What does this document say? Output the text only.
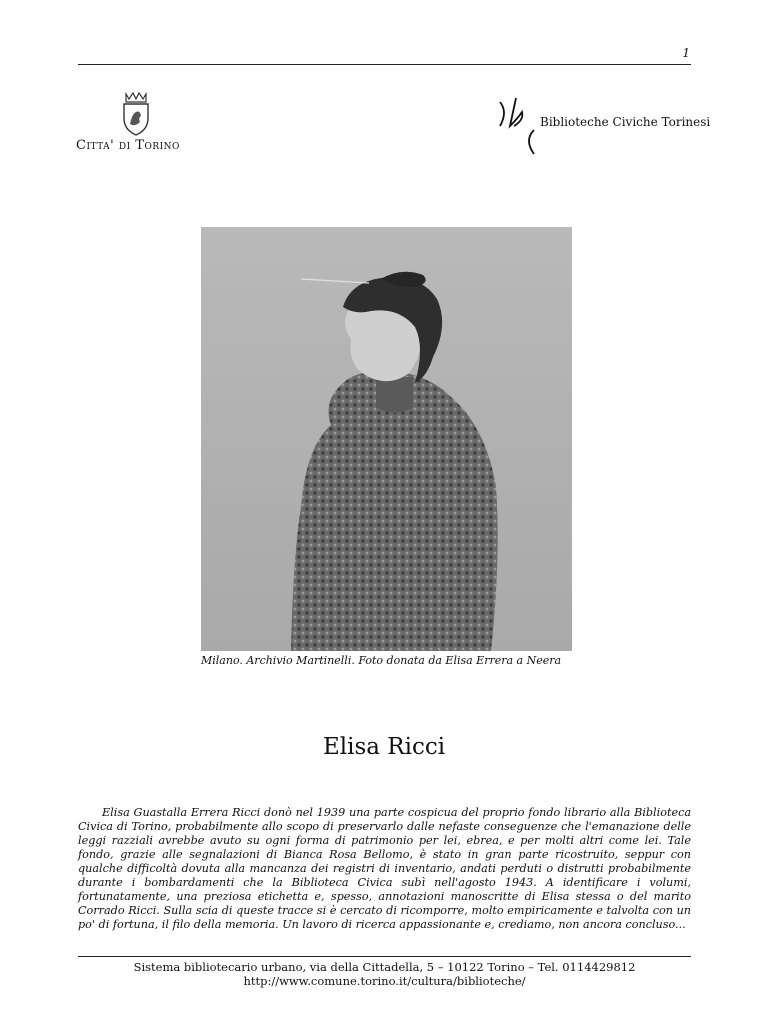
1
Citta' di Torino
Biblioteche Civiche Torinesi
Milano. Archivio Martinelli. Foto donata da Elisa Errera a Neera
Elisa Ricci
Elisa Guastalla Errera Ricci donò nel 1939 una parte cospicua del proprio fondo librario alla Biblioteca Civica di Torino, probabilmente allo scopo di preservarlo dalle nefaste conseguenze che l'emanazione delle leggi razziali avrebbe avuto su ogni forma di patrimonio per lei, ebrea, e per molti altri come lei. Tale fondo, grazie alle segnalazioni di Bianca Rosa Bellomo, è stato in gran parte ricostruito, seppur con qualche difficoltà dovuta alla mancanza dei registri di inventario, andati perduti o distrutti probabilmente durante i bombardamenti che la Biblioteca Civica subì nell'agosto 1943. A identificare i volumi, fortunatamente, una preziosa etichetta e, spesso, annotazioni manoscritte di Elisa stessa o del marito Corrado Ricci. Sulla scia di queste tracce si è cercato di ricomporre, molto empiricamente e talvolta con un po' di fortuna, il filo della memoria. Un lavoro di ricerca appassionante e, crediamo, non ancora concluso...
Sistema bibliotecario urbano, via della Cittadella, 5 – 10122 Torino – Tel. 0114429812
http://www.comune.torino.it/cultura/biblioteche/
